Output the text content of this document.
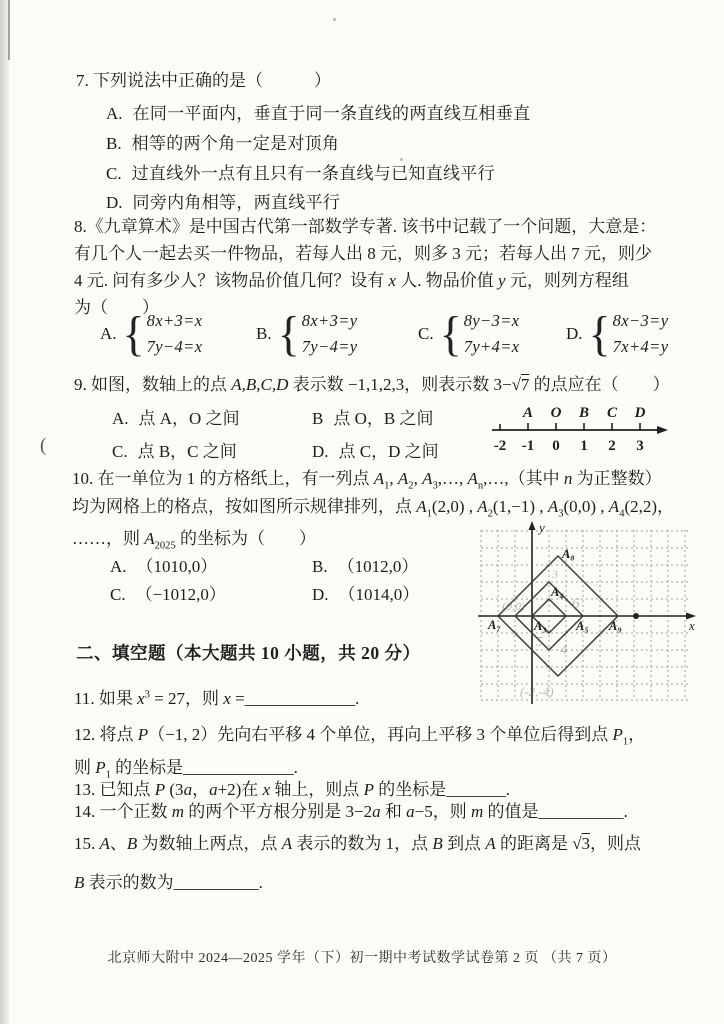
(
7. 下列说法中正确的是（　　　）
A. 在同一平面内，垂直于同一条直线的两直线互相垂直
B. 相等的两个角一定是对顶角
C. 过直线外一点有且只有一条直线与已知直线平行
D. 同旁内角相等，两直线平行
8.《九章算术》是中国古代第一部数学专著. 该书中记载了一个问题，大意是：
有几个人一起去买一件物品，若每人出 8 元，则多 3 元；若每人出 7 元，则少
4 元. 问有多少人？该物品价值几何？设有 x 人. 物品价值 y 元，则列方程组
为（　　）
A. { 8x+3=x
7y−4=x
B. { 8x+3=y
7y−4=y
C. { 8y−3=x
7y+4=x
D. { 8x−3=y
7x+4=y
9. 如图，数轴上的点 A,B,C,D 表示数 −1,1,2,3，则表示数 3−√7 的点应在（　　）
A. 点 A，O 之间	B 点 O，B 之间
C. 点 B，C 之间	D. 点 C，D 之间
A O B C D
-2 -1 0 1 2 3
10. 在一单位为 1 的方格纸上，有一列点 $A_1$, $A_2$, $A_3,\dots$, $A_n,\dots$,（其中 n 为正整数）
均为网格上的格点，按如图所示规律排列，点 $A_1(2,0)$ , $A_2(1,-1)$ , $A_3(0,0)$ , $A_4(2,2)$，
……，则 $A_{2025}$ 的坐标为（　　）
A. （1010,0）	B. （1012,0）
C. （−1012,0）	D. （1014,0）
y
x
A₇	A₃ A₅ A₉
A₄
A₈
(0,0)	6
5 4
3
(-2,-4)
二、填空题（本大题共 10 小题，共 20 分）
11. 如果 $x^3 = 27$，则 x =_____________.
12. 将点 P（−1, 2）先向右平移 4 个单位，再向上平移 3 个单位后得到点 $P_1$，
则 $P_1$ 的坐标是_____________.
13. 已知点 P (3a，a+2)在 x 轴上，则点 P 的坐标是_______.
14. 一个正数 m 的两个平方根分别是 3−2a 和 a−5，则 m 的值是__________.
15. A、B 为数轴上两点，点 A 表示的数为 1，点 B 到点 A 的距离是 √3，则点
B 表示的数为__________.
北京师大附中 2024—2025 学年（下）初一期中考试数学试卷第 2 页 （共 7 页）
